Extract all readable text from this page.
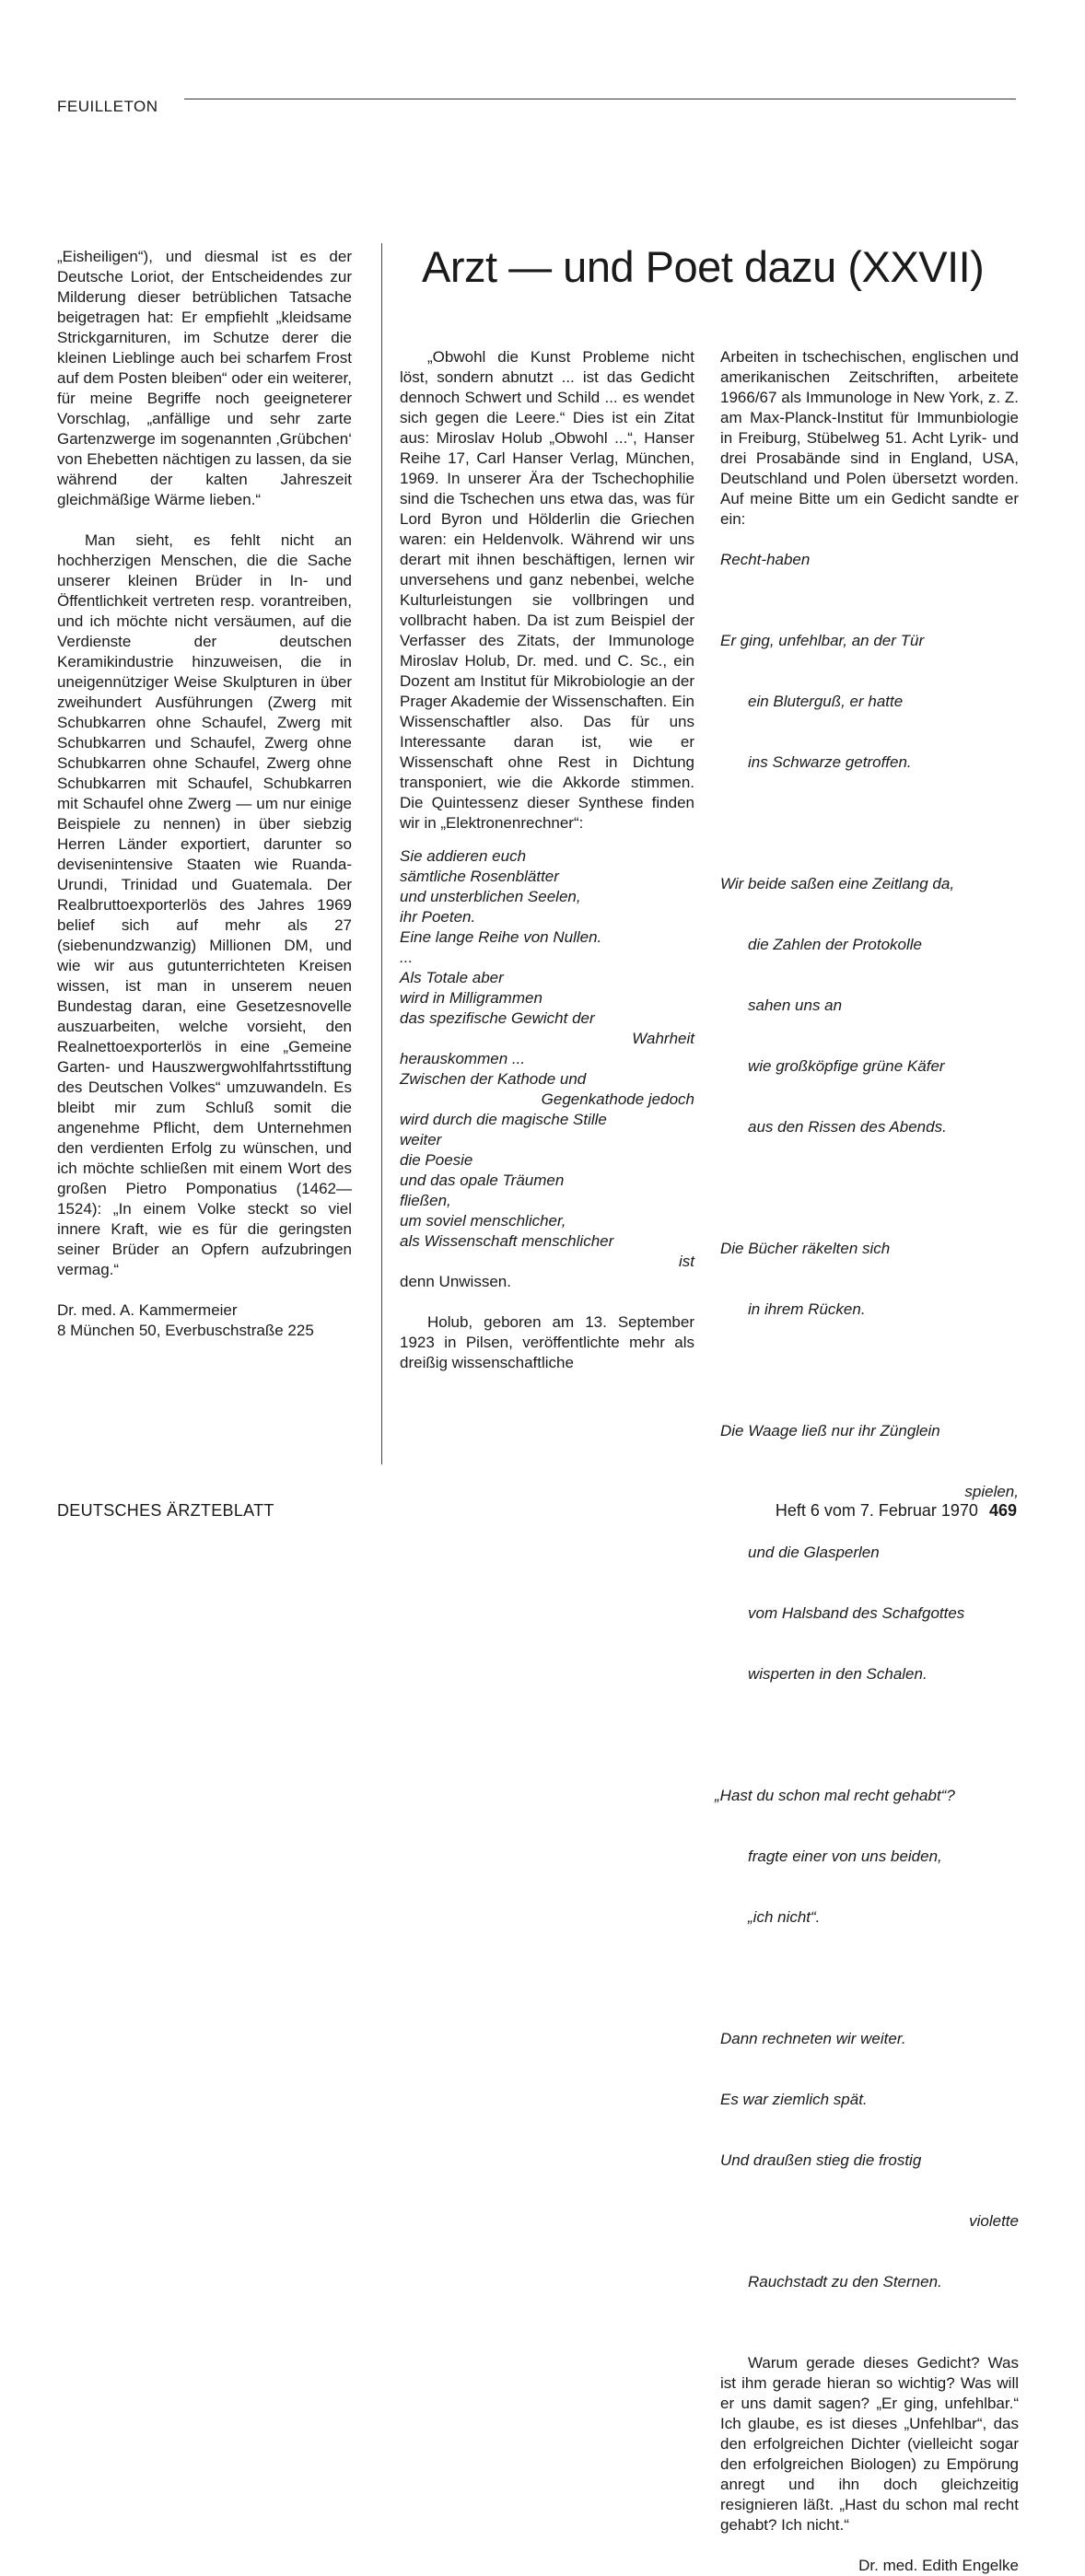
FEUILLETON
Arzt — und Poet dazu (XXVII)

„Eisheiligen“), und diesmal ist es der Deutsche Loriot, der Entscheidendes zur Milderung dieser betrüblichen Tatsache beigetragen hat: Er empfiehlt „kleidsame Strickgarnituren, im Schutze derer die kleinen Lieblinge auch bei scharfem Frost auf dem Posten bleiben“ oder ein weiterer, für meine Begriffe noch geeigneterer Vorschlag, „anfällige und sehr zarte Gartenzwerge im sogenannten ‚Grübchen‘ von Ehebetten nächtigen zu lassen, da sie während der kalten Jahreszeit gleichmäßige Wärme lieben.“

Man sieht, es fehlt nicht an hochherzigen Menschen, die die Sache unserer kleinen Brüder in In- und Öffentlichkeit vertreten resp. vorantreiben, und ich möchte nicht versäumen, auf die Verdienste der deutschen Keramikindustrie hinzuweisen, die in uneigennütziger Weise Skulpturen in über zweihundert Ausführungen (Zwerg mit Schubkarren ohne Schaufel, Zwerg mit Schubkarren und Schaufel, Zwerg ohne Schubkarren ohne Schaufel, Zwerg ohne Schubkarren mit Schaufel, Schubkarren mit Schaufel ohne Zwerg — um nur einige Beispiele zu nennen) in über siebzig Herren Länder exportiert, darunter so devisenintensive Staaten wie Ruanda-Urundi, Trinidad und Guatemala. Der Realbruttoexporterlös des Jahres 1969 belief sich auf mehr als 27 (siebenundzwanzig) Millionen DM, und wie wir aus gutunterrichteten Kreisen wissen, ist man in unserem neuen Bundestag daran, eine Gesetzesnovelle auszuarbeiten, welche vorsieht, den Realnettoexporterlös in eine „Gemeine Garten- und Hauszwergwohlfahrtsstiftung des Deutschen Volkes“ umzuwandeln. Es bleibt mir zum Schluß somit die angenehme Pflicht, dem Unternehmen den verdienten Erfolg zu wünschen, und ich möchte schließen mit einem Wort des großen Pietro Pomponatius (1462—1524): „In einem Volke steckt so viel innere Kraft, wie es für die geringsten seiner Brüder an Opfern aufzubringen vermag.“

Dr. med. A. Kammermeier
8 München 50, Everbuschstraße 225

„Obwohl die Kunst Probleme nicht löst, sondern abnutzt ... ist das Gedicht dennoch Schwert und Schild ... es wendet sich gegen die Leere.“ Dies ist ein Zitat aus: Miroslav Holub „Obwohl ...“, Hanser Reihe 17, Carl Hanser Verlag, München, 1969. In unserer Ära der Tschechophilie sind die Tschechen uns etwa das, was für Lord Byron und Hölderlin die Griechen waren: ein Heldenvolk. Während wir uns derart mit ihnen beschäftigen, lernen wir unversehens und ganz nebenbei, welche Kulturleistungen sie vollbringen und vollbracht haben. Da ist zum Beispiel der Verfasser des Zitats, der Immunologe Miroslav Holub, Dr. med. und C. Sc., ein Dozent am Institut für Mikrobiologie an der Prager Akademie der Wissenschaften. Ein Wissenschaftler also. Das für uns Interessante daran ist, wie er Wissenschaft ohne Rest in Dichtung transponiert, wie die Akkorde stimmen. Die Quintessenz dieser Synthese finden wir in „Elektronenrechner“:

Sie addieren euch
sämtliche Rosenblätter
und unsterblichen Seelen,
ihr Poeten.
Eine lange Reihe von Nullen.
...
Als Totale aber
wird in Milligrammen
das spezifische Gewicht der
Wahrheit
herauskommen ...
Zwischen der Kathode und
Gegenkathode jedoch
wird durch die magische Stille
weiter
die Poesie
und das opale Träumen
fließen,
um soviel menschlicher,
als Wissenschaft menschlicher
ist
denn Unwissen.

Holub, geboren am 13. September 1923 in Pilsen, veröffentlichte mehr als dreißig wissenschaftliche

Arbeiten in tschechischen, englischen und amerikanischen Zeitschriften, arbeitete 1966/67 als Immunologe in New York, z. Z. am Max-Planck-Institut für Immunbiologie in Freiburg, Stübelweg 51. Acht Lyrik- und drei Prosabände sind in England, USA, Deutschland und Polen übersetzt worden. Auf meine Bitte um ein Gedicht sandte er ein:

Recht-haben

Er ging, unfehlbar, an der Tür

ein Bluterguß, er hatte

ins Schwarze getroffen.

Wir beide saßen eine Zeitlang da,

die Zahlen der Protokolle

sahen uns an

wie großköpfige grüne Käfer

aus den Rissen des Abends.

Die Bücher räkelten sich

in ihrem Rücken.

Die Waage ließ nur ihr Zünglein

spielen,

und die Glasperlen

vom Halsband des Schafgottes

wisperten in den Schalen.

„Hast du schon mal recht gehabt“?

fragte einer von uns beiden,

„ich nicht“.

Dann rechneten wir weiter.

Es war ziemlich spät.

Und draußen stieg die frostig

violette

Rauchstadt zu den Sternen.

Warum gerade dieses Gedicht? Was ist ihm gerade hieran so wichtig? Was will er uns damit sagen? „Er ging, unfehlbar.“ Ich glaube, es ist dieses „Unfehlbar“, das den erfolgreichen Dichter (vielleicht sogar den erfolgreichen Biologen) zu Empörung anregt und ihn doch gleichzeitig resignieren läßt. „Hast du schon mal recht gehabt? Ich nicht.“

Dr. med. Edith Engelke
DEUTSCHES ÄRZTEBLATT	Heft 6 vom 7. Februar 1970 469
